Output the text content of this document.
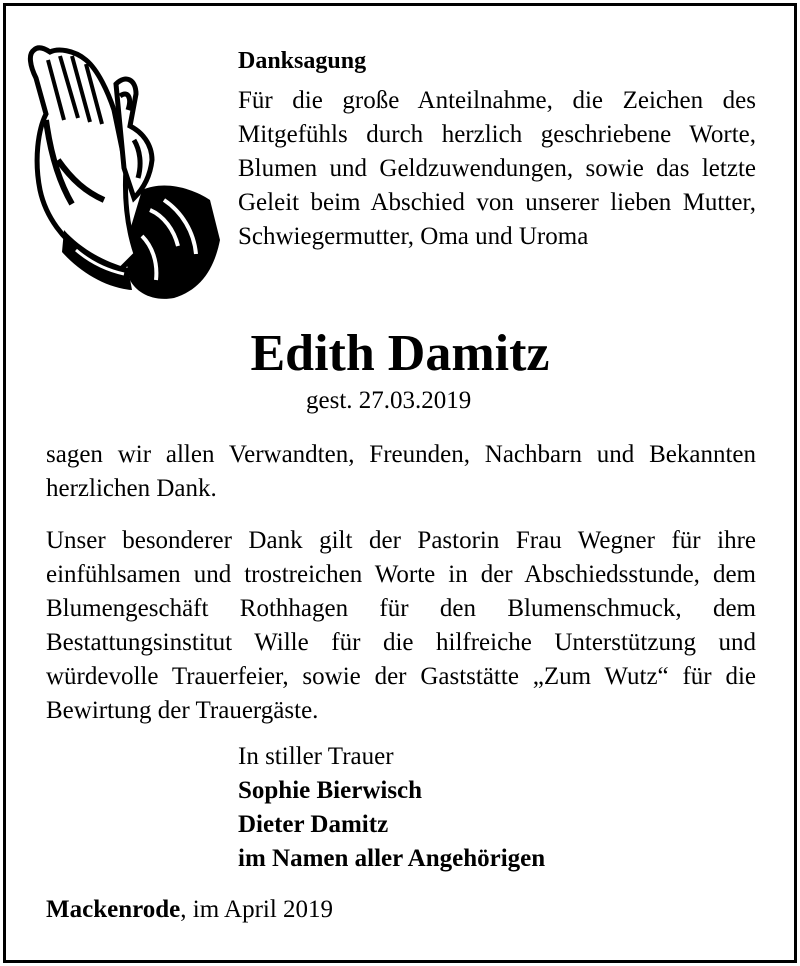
Danksagung
Für die große Anteilnahme, die Zeichen des Mitgefühls durch herzlich geschriebene Worte, Blumen und Geldzuwendungen, sowie das letzte Geleit beim Abschied von unserer lieben Mutter, Schwiegermutter, Oma und Uroma
Edith Damitz
gest. 27.03.2019
sagen wir allen Verwandten, Freunden, Nachbarn und Bekannten herzlichen Dank.
Unser besonderer Dank gilt der Pastorin Frau Wegner für ihre einfühlsamen und trostreichen Worte in der Abschiedsstunde, dem Blumengeschäft Rothhagen für den Blumenschmuck, dem Bestattungsinstitut Wille für die hilfreiche Unterstützung und würdevolle Trauerfeier, sowie der Gaststätte „Zum Wutz“ für die Bewirtung der Trauergäste.
In stiller Trauer
Sophie Bierwisch
Dieter Damitz
im Namen aller Angehörigen
Mackenrode, im April 2019
